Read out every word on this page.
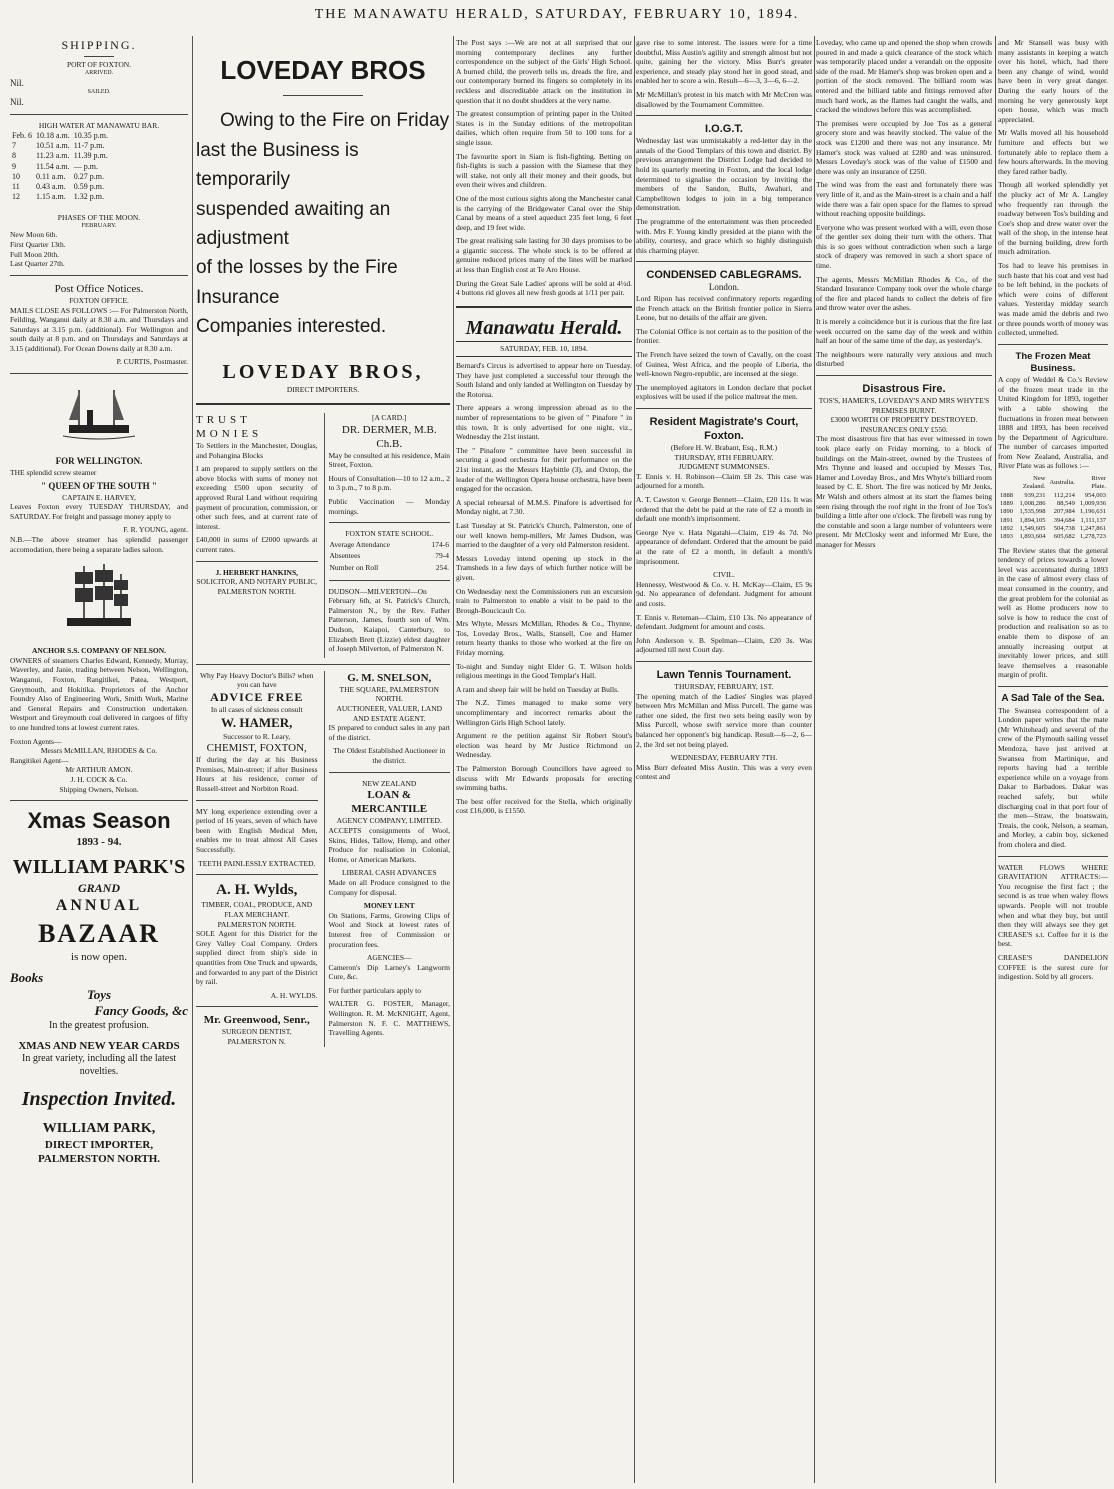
THE MANAWATU HERALD, SATURDAY, FEBRUARY 10, 1894.
SHIPPING.
PORT OF FOXTON.
ARRIVED.
Nil.
SAILED.
Nil.
HIGH WATER AT MANAWATU BAR.
Feb. 6	10.18 a.m.	10.35 p.m.
7	10.51 a.m.	11-7 p.m.
8	11.23 a.m.	11.39 p.m.
9	11.54 a.m.	— p.m.
10	0.11 a.m.	0.27 p.m.
11	0.43 a.m.	0.59 p.m.
12	1.15 a.m.	1.32 p.m.
PHASES OF THE MOON.
FEBRUARY.
New Moon 6th.
First Quarter 13th.
Full Moon 20th.
Last Quarter 27th.
Post Office Notices.
FOXTON OFFICE.

MAILS CLOSE AS FOLLOWS :— For Palmerston North, Feilding, Wanganui daily at 8.30 a.m. and Thursdays and Saturdays at 3.15 p.m. (additional). For Wellington and south daily at 8 p.m. and on Thursdays and Saturdays at 3.15 (additional). For Ocean Downs daily at 8.30 a.m.

P. CURTIS, Postmaster.
FOR WELLINGTON.

THE splendid screw steamer

" QUEEN OF THE SOUTH "
CAPTAIN E. HARVEY,

Leaves Foxton every TUESDAY THURSDAY, and SATURDAY. For freight and passage money apply to

F. R. YOUNG, agent.

N.B.—The above steamer has splendid passenger accomodation, there being a separate ladies saloon.

ANCHOR S.S. COMPANY OF NELSON.

OWNERS of steamers Charles Edward, Kennedy, Murray, Waverley, and Janie, trading between Nelson, Wellington, Wanganui, Foxton, Rangitikei, Patea, Westport, Greymouth, and Hokitika. Proprietors of the Anchor Foundry Also of Engineering Work, Smith Work, Marine and General Repairs and Construction undertaken. Westport and Greymouth coal delivered in cargoes of fifty to one hundred tons at lowest current rates.

Foxton Agents—
Messrs McMILLAN, RHODES & Co.
Rangitikei Agent—
Mr ARTHUR AMON.
J. H. COCK & Co.
Shipping Owners, Nelson.
Xmas Season
1893 - 94.
WILLIAM PARK'S
GRAND
ANNUAL
BAZAAR
is now open.
Books
Toys
Fancy Goods, &c
In the greatest profusion.
XMAS AND NEW YEAR CARDS
In great variety, including all the latest novelties.
Inspection Invited.
WILLIAM PARK,
DIRECT IMPORTER,
PALMERSTON NORTH.
LOVEDAY BROS
Owing to the Fire on Friday
last the Business is temporarily
suspended awaiting an adjustment
of the losses by the Fire Insurance
Companies interested.
LOVEDAY BROS,
DIRECT IMPORTERS.
TRUST MONIES

To Settlers in the Manchester, Douglas, and Pohangina Blocks

I am prepared to supply settlers on the above blocks with sums of money not exceeding £500 upon security of approved Rural Land without requiring payment of procuration, commission, or other such fees, and at current rate of interest.

£40,000 in sums of £2000 upwards at current rates.

J. HERBERT HANKINS,
SOLICITOR, AND NOTARY PUBLIC,
PALMERSTON NORTH.
[A CARD.]
DR. DERMER, M.B. Ch.B.

May be consulted at his residence, Main Street, Foxton.

Hours of Consultation—10 to 12 a.m., 2 to 3 p.m., 7 to 8 p.m.

Public Vaccination — Monday mornings.

FOXTON STATE SCHOOL.
Average Attendance	174-6
Absentees	79-4
Number on Roll	254.

DUDSON—MILVERTON—On February 6th, at St. Patrick's Church, Palmerston N., by the Rev. Father Patterson, James, fourth son of Wm. Dudson, Kaiapoi, Canterbury, to Elizabeth Brett (Lizzie) eldest daughter of Joseph Milverton, of Palmerston N.

Why Pay Heavy Doctor's Bills? when you can have
ADVICE FREE
In all cases of sickness consult
W. HAMER,
Successor to R. Leary,
CHEMIST, FOXTON,

If during the day at his Business Premises, Main-street; if after Business Hours at his residence, corner of Russell-street and Norbiton Road.

MY long experience extending over a period of 16 years, seven of which have been with English Medical Men, enables me to treat almost All Cases Successfully.

TEETH PAINLESSLY EXTRACTED.
A. H. Wylds,
TIMBER, COAL, PRODUCE, AND FLAX MERCHANT.
PALMERSTON NORTH.

SOLE Agent for this District for the Grey Valley Coal Company. Orders supplied direct from ship's side in quantities from One Truck and upwards, and forwarded to any part of the District by rail.

A. H. WYLDS.
Mr. Greenwood, Senr.,
SURGEON DENTIST,
PALMERSTON N.
G. M. SNELSON,
THE SQUARE, PALMERSTON NORTH.
AUCTIONEER, VALUER, LAND AND ESTATE AGENT.

IS prepared to conduct sales in any part of the district.

The Oldest Established Auctioneer in the district.
NEW ZEALAND
LOAN & MERCANTILE
AGENCY COMPANY, LIMITED.

ACCEPTS consignments of Wool, Skins, Hides, Tallow, Hemp, and other Produce for realisation in Colonial, Home, or American Markets.

LIBERAL CASH ADVANCES

Made on all Produce consigned to the Company for disposal.

MONEY LENT

On Stations, Farms, Growing Clips of Wool and Stock at lowest rates of Interest free of Commission or procuration fees.

AGENCIES—

Cameron's Dip Larney's Langworm Cure, &c.

For further particulars apply to

WALTER G. FOSTER, Manager, Wellington. R. M. McKNIGHT, Agent, Palmerston N. F. C. MATTHEWS, Travelling Agents.

The Post says :—We are not at all surprised that our morning contemporary declines any further correspondence on the subject of the Girls' High School. A burned child, the proverb tells us, dreads the fire, and our contemporary burned its fingers so completely in its reckless and discreditable attack on the institution in question that it no doubt shudders at the very name.

The greatest consumption of printing paper in the United States is in the Sunday editions of the metropolitan dailies, which often require from 50 to 100 tons for a single issue.

The favourite sport in Siam is fish-fighting. Betting on fish-fights is such a passion with the Siamese that they will stake, not only all their money and their goods, but even their wives and children.

One of the most curious sights along the Manchester canal is the carrying of the Bridgewater Canal over the Ship Canal by means of a steel aqueduct 235 feet long, 6 feet deep, and 19 feet wide.

The great realising sale lasting for 30 days promises to be a gigantic success. The whole stock is to be offered at genuine reduced prices many of the lines will be marked at less than English cost at Te Aro House.

During the Great Sale Ladies' aprons will be sold at 4½d. 4 buttons rid gloves all new fresh goods at 1/11 per pair.

Manawatu Herald.
SATURDAY, FEB. 10, 1894.

Bernard's Circus is advertised to appear here on Tuesday. They have just completed a successful tour through the South Island and only landed at Wellington on Tuesday by the Rotorua.

There appears a wrong impression abroad as to the number of representations to be given of " Pinafore " in this town. It is only advertised for one night, viz., Wednesday the 21st instant.

The " Pinafore " committee have been successful in securing a good orchestra for their performance on the 21st instant, as the Messrs Haybittle (3), and Oxtop, the leader of the Wellington Opera house orchestra, have been engaged for the occasion.

A special rehearsal of M.M.S. Pinafore is advertised for Monday night, at 7.30.

Last Tuesday at St. Patrick's Church, Palmerston, one of our well known hemp-millers, Mr James Dudson, was married to the daughter of a very old Palmerston resident.

Messrs Loveday intend opening up stock in the Tramsheds in a few days of which further notice will be given.

On Wednesday next the Commissioners run an excursion train to Palmerston to enable a visit to be paid to the Brough-Boucicault Co.

Mrs Whyte, Messrs McMillan, Rhodes & Co., Thynne, Tos, Loveday Bros., Walls, Stansell, Coe and Hamer return hearty thanks to those who worked at the fire on Friday morning.

To-night and Sunday night Elder G. T. Wilson holds religious meetings in the Good Templar's Hall.

A ram and sheep fair will be held on Tuesday at Bulls.

The N.Z. Times managed to make some very uncomplimentary and incorrect remarks about the Wellington Girls High School lately.

Argument re the petition against Sir Robert Stout's election was heard by Mr Justice Richmond on Wednesday.

The Palmerston Borough Councillors have agreed to discuss with Mr Edwards proposals for erecting swimming baths.

The best offer received for the Stella, which originally cost £16,000, is £1550.

gave rise to some interest. The issues were for a time doubtful, Miss Austin's agility and strength almost but not quite, gaining her the victory. Miss Burr's greater experience, and steady play stood her in good stead, and enabled her to score a win. Result—6—3, 3—6, 6—2.

Mr McMillan's protest in his match with Mr McCren was disallowed by the Tournament Committee.

I.O.G.T.

Wednesday last was unmistakably a red-letter day in the annals of the Good Templars of this town and district. By previous arrangement the District Lodge had decided to hold its quarterly meeting in Foxton, and the local lodge determined to signalise the occasion by inviting the members of the Sandon, Bulls, Awahuri, and Campbelltown lodges to join in a big temperance demonstration.

The programme of the entertainment was then proceeded with. Mrs F. Young kindly presided at the piano with the ability, courtesy, and grace which so highly distinguish this charming player.

CONDENSED CABLEGRAMS.
London.

Lord Ripon has received confirmatory reports regarding the French attack on the British frontier police in Sierra Leone, but no details of the affair are given.

The Colonial Office is not certain as to the position of the frontier.

The French have seized the town of Cavally, on the coast of Guinea, West Africa, and the people of Liberia, the well-known Negro-republic, are incensed at the siege.

The unemployed agitators in London declare that pocket explosives will be used if the police maltreat the men.

Resident Magistrate's Court, Foxton.
(Before H. W. Brabant, Esq., R.M.)
THURSDAY, 8TH FEBRUARY.
JUDGMENT SUMMONSES.

T. Ennis v. H. Robinson—Claim £8 2s. This case was adjourned for a month.

A. T. Cawston v. George Bennett—Claim, £20 11s. It was ordered that the debt be paid at the rate of £2 a month in default one month's imprisonment.

George Nye v. Hata Ngatahi—Claim, £19 4s 7d. No appearance of defendant. Ordered that the amount be paid at the rate of £2 a month, in default a month's imprisonment.

CIVIL.

Hennessy, Westwood & Co. v. H. McKay—Claim, £5 9s 9d. No appearance of defendant. Judgment for amount and costs.

T. Ennis v. Reteman—Claim, £10 13s. No appearance of defendant. Judgment for amount and costs.

John Anderson v. B. Spelman—Claim, £20 3s. Was adjourned till next Court day.

Lawn Tennis Tournament.
THURSDAY, FEBRUARY, 1ST.

The opening match of the Ladies' Singles was played between Mrs McMillan and Miss Purcell. The game was rather one sided, the first two sets being easily won by Miss Purcell, whose swift service more than counter balanced her opponent's big handicap. Result—6—2, 6—2, the 3rd set not being played.

WEDNESDAY, FEBRUARY 7TH.

Miss Burr defeated Miss Austin. This was a very even contest and

Loveday, who came up and opened the shop when crowds poured in and made a quick clearance of the stock which was temporarily placed under a verandah on the opposite side of the road. Mr Hamer's shop was broken open and a portion of the stock removed. The billiard room was entered and the billiard table and fittings removed after much hard work, as the flames had caught the walls, and cracked the windows before this was accomplished.

The premises were occupied by Joe Tos as a general grocery store and was heavily stocked. The value of the stock was £1200 and there was not any insurance. Mr Hamer's stock was valued at £280 and was uninsured. Messrs Loveday's stock was of the value of £1500 and there was only an insurance of £250.

The wind was from the east and fortunately there was very little of it, and as the Main-street is a chain and a half wide there was a fair open space for the flames to spread without reaching opposite buildings.

Everyone who was present worked with a will, even those of the gentler sex doing their turn with the others. That this is so goes without contradiction when such a large stock of drapery was removed in such a short space of time.

The agents, Messrs McMillan Rhodes & Co., of the Standard Insurance Company took over the whole charge of the fire and placed hands to collect the debris of fire and throw water over the ashes.

It is merely a coincidence but it is curious that the fire last week occurred on the same day of the week and within half an hour of the same time of the day, as yesterday's.

The neighbours were naturally very anxious and much disturbed

Disastrous Fire.
TOS'S, HAMER'S, LOVEDAY'S AND MRS WHYTE'S PREMISES BURNT.
£3000 WORTH OF PROPERTY DESTROYED.
INSURANCES ONLY £550.

The most disastrous fire that has ever witnessed in town took place early on Friday morning, to a block of buildings on the Main-street, owned by the Trustees of Mrs Thynne and leased and occupied by Messrs Tos, Hamer and Loveday Bros., and Mrs Whyte's billiard room leased by C. E. Short. The fire was noticed by Mr Jenks, Mr Walsh and others almost at its start the flames being seen rising through the roof right in the front of Joe Tos's building a little after one o'clock. The firebell was rung by the constable and soon a large number of volunteers were present. Mr McClosky went and informed Mr Eure, the manager for Messrs

and Mr Stansell was busy with many assistants in keeping a watch over his hotel, which, had there been any change of wind, would have been in very great danger. During the early hours of the morning he very generously kept open house, which was much appreciated.

Mr Walls moved all his household furniture and effects but we fortunately able to replace them a few hours afterwards. In the moving they fared rather badly.

Though all worked splendidly yet the plucky act of Mr A. Langley who frequently ran through the roadway between Tos's building and Coe's shop and drew water over the wall of the shop, in the intense heat of the burning building, drew forth much admiration.

Tos had to leave his premises in such haste that his coat and vest had to be left behind, in the pockets of which were coins of different values. Yesterday midday search was made amid the debris and two or three pounds worth of money was collected, unmelted.

The Frozen Meat Business.

A copy of Weddel & Co.'s Review of the frozen meat trade in the United Kingdom for 1893, together with a table showing the fluctuations in frozen meat between 1888 and 1893, has been received by the Department of Agriculture. The number of carcases imported from New Zealand, Australia, and River Plate was as follows :—

	New Zealand.	Australia.	River Plate.
1888	939,231	112,214	954,003
1889	1,008,286	88,549	1,009,936
1890	1,535,998	207,984	1,196,631
1891	1,894,105	394,684	1,111,137
1892	1,549,605	504,738	1,247,861
1893	1,893,604	605,682	1,278,723

The Review states that the general tendency of prices towards a lower level was accentuated during 1893 in the case of almost every class of meat consumed in the country, and the great problem for the colonial as well as Home producers now to solve is how to reduce the cost of production and realisation so as to enable them to dispose of an annually increasing output at inevitably lower prices, and still leave themselves a reasonable margin of profit.

A Sad Tale of the Sea.

The Swansea correspondent of a London paper writes that the mate (Mr Whitehead) and several of the crew of the Plymouth sailing vessel Mendoza, have just arrived at Swansea from Martinique, and reports having had a terrible experience while on a voyage from Dakar to Barbadoes. Dakar was reached safely, but while discharging coal in that port four of the men—Straw, the boatswain, Treais, the cook, Nelson, a seaman, and Morley, a cabin boy, sickened from cholera and died.

WATER FLOWS WHERE GRAVITATION ATTRACTS:—You recognise the first fact ; the second is as true when waley flows upwards. People will not trouble when and what they buy, but until then they will always see they get CREASE'S s.t. Coffee for it is the best.

CREASE'S DANDELION COFFEE is the surest cure for indigestion. Sold by all grocers.
